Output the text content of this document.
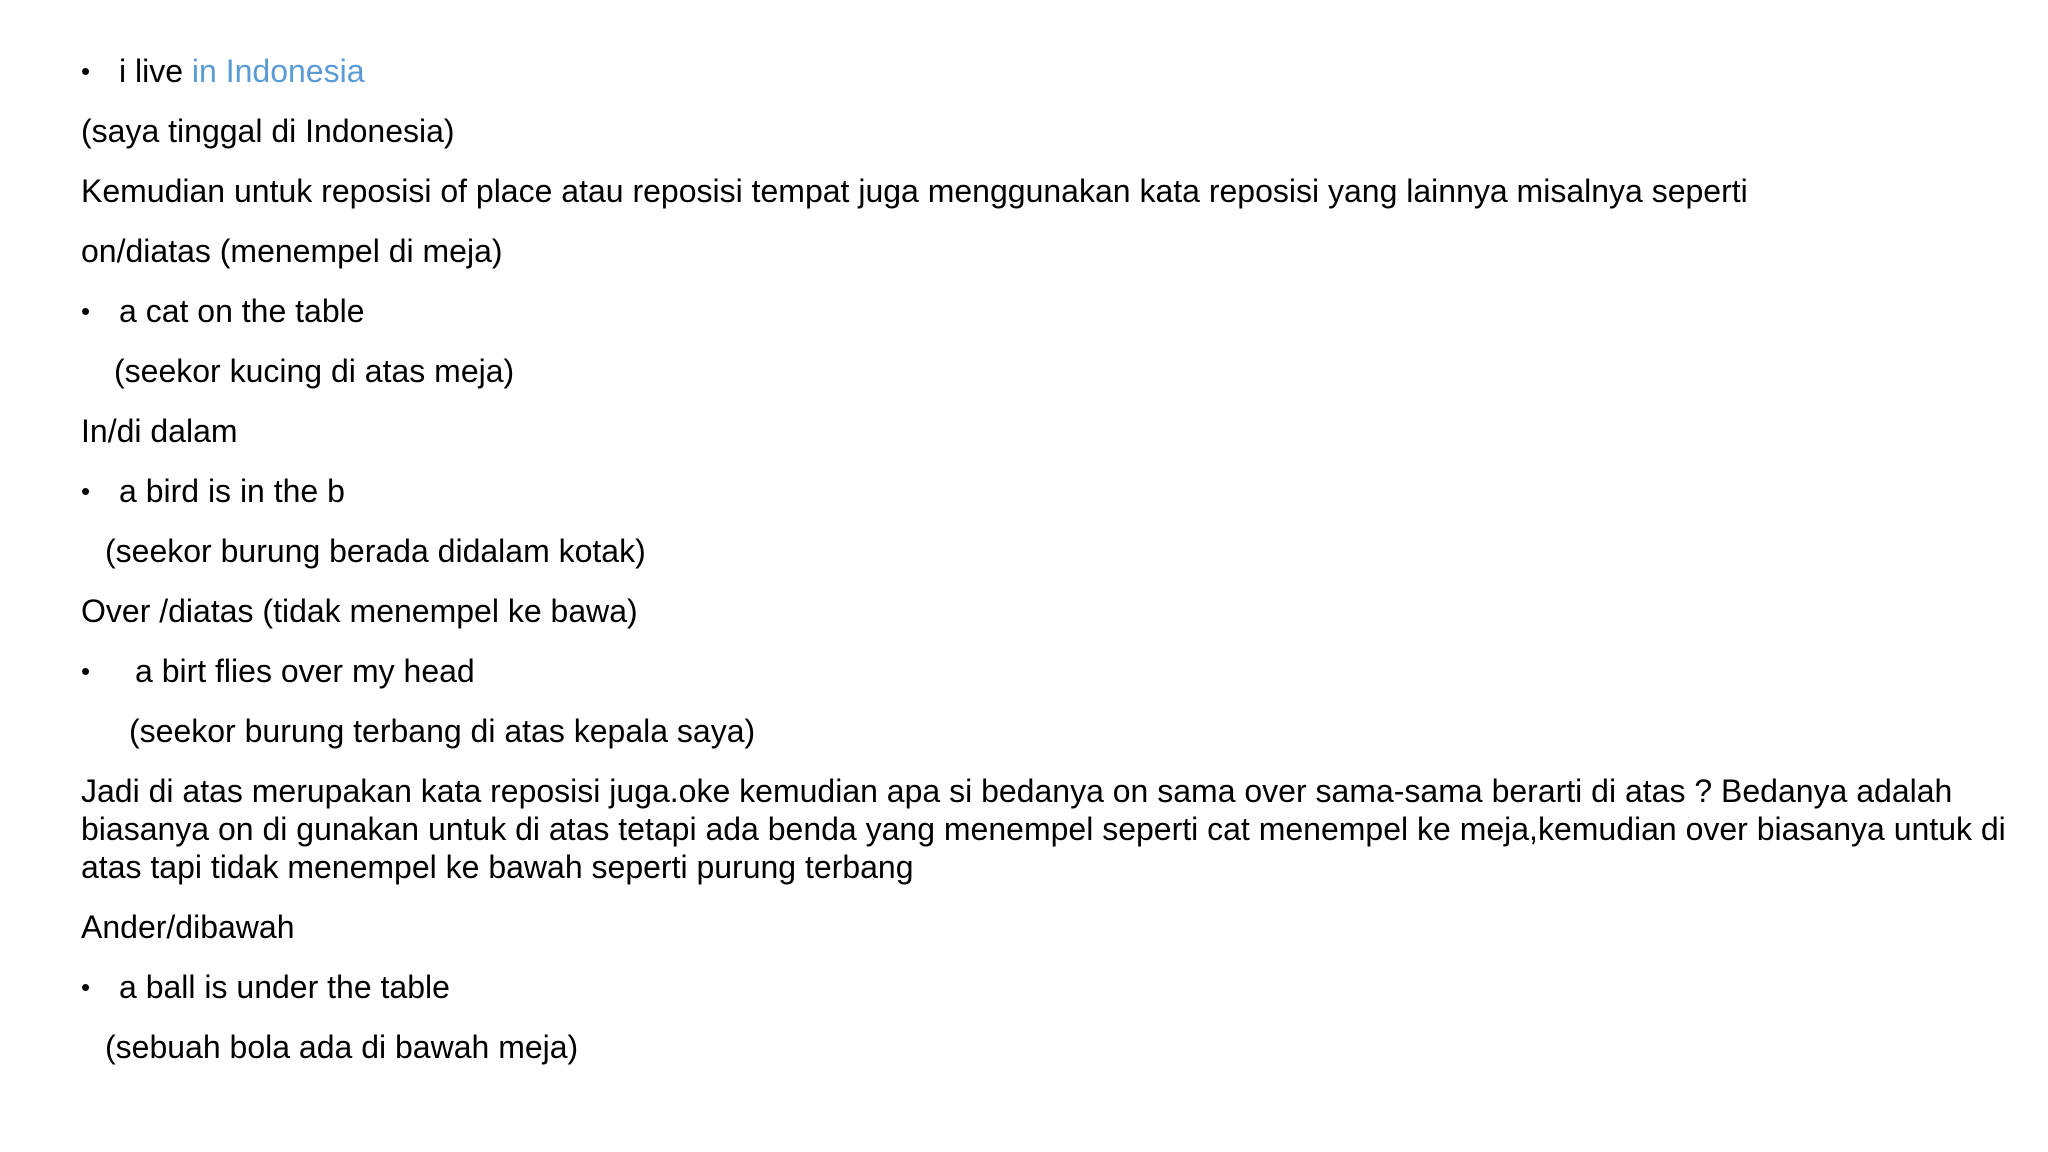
• i live in Indonesia
(saya tinggal di Indonesia)
Kemudian untuk reposisi of place atau reposisi tempat juga menggunakan kata reposisi yang lainnya misalnya seperti
on/diatas (menempel di meja)
• a cat on the table
(seekor kucing di atas meja)
In/di dalam
• a bird is in the b
(seekor burung berada didalam kotak)
Over /diatas (tidak menempel ke bawa)
• a birt flies over my head
(seekor burung terbang di atas kepala saya)
Jadi di atas merupakan kata reposisi juga.oke kemudian apa si bedanya on sama over sama-sama berarti di atas ? Bedanya adalah biasanya on di gunakan untuk di atas tetapi ada benda yang menempel seperti cat menempel ke meja,kemudian over biasanya untuk di atas tapi tidak menempel ke bawah seperti purung terbang
Ander/dibawah
• a ball is under the table
(sebuah bola ada di bawah meja)
